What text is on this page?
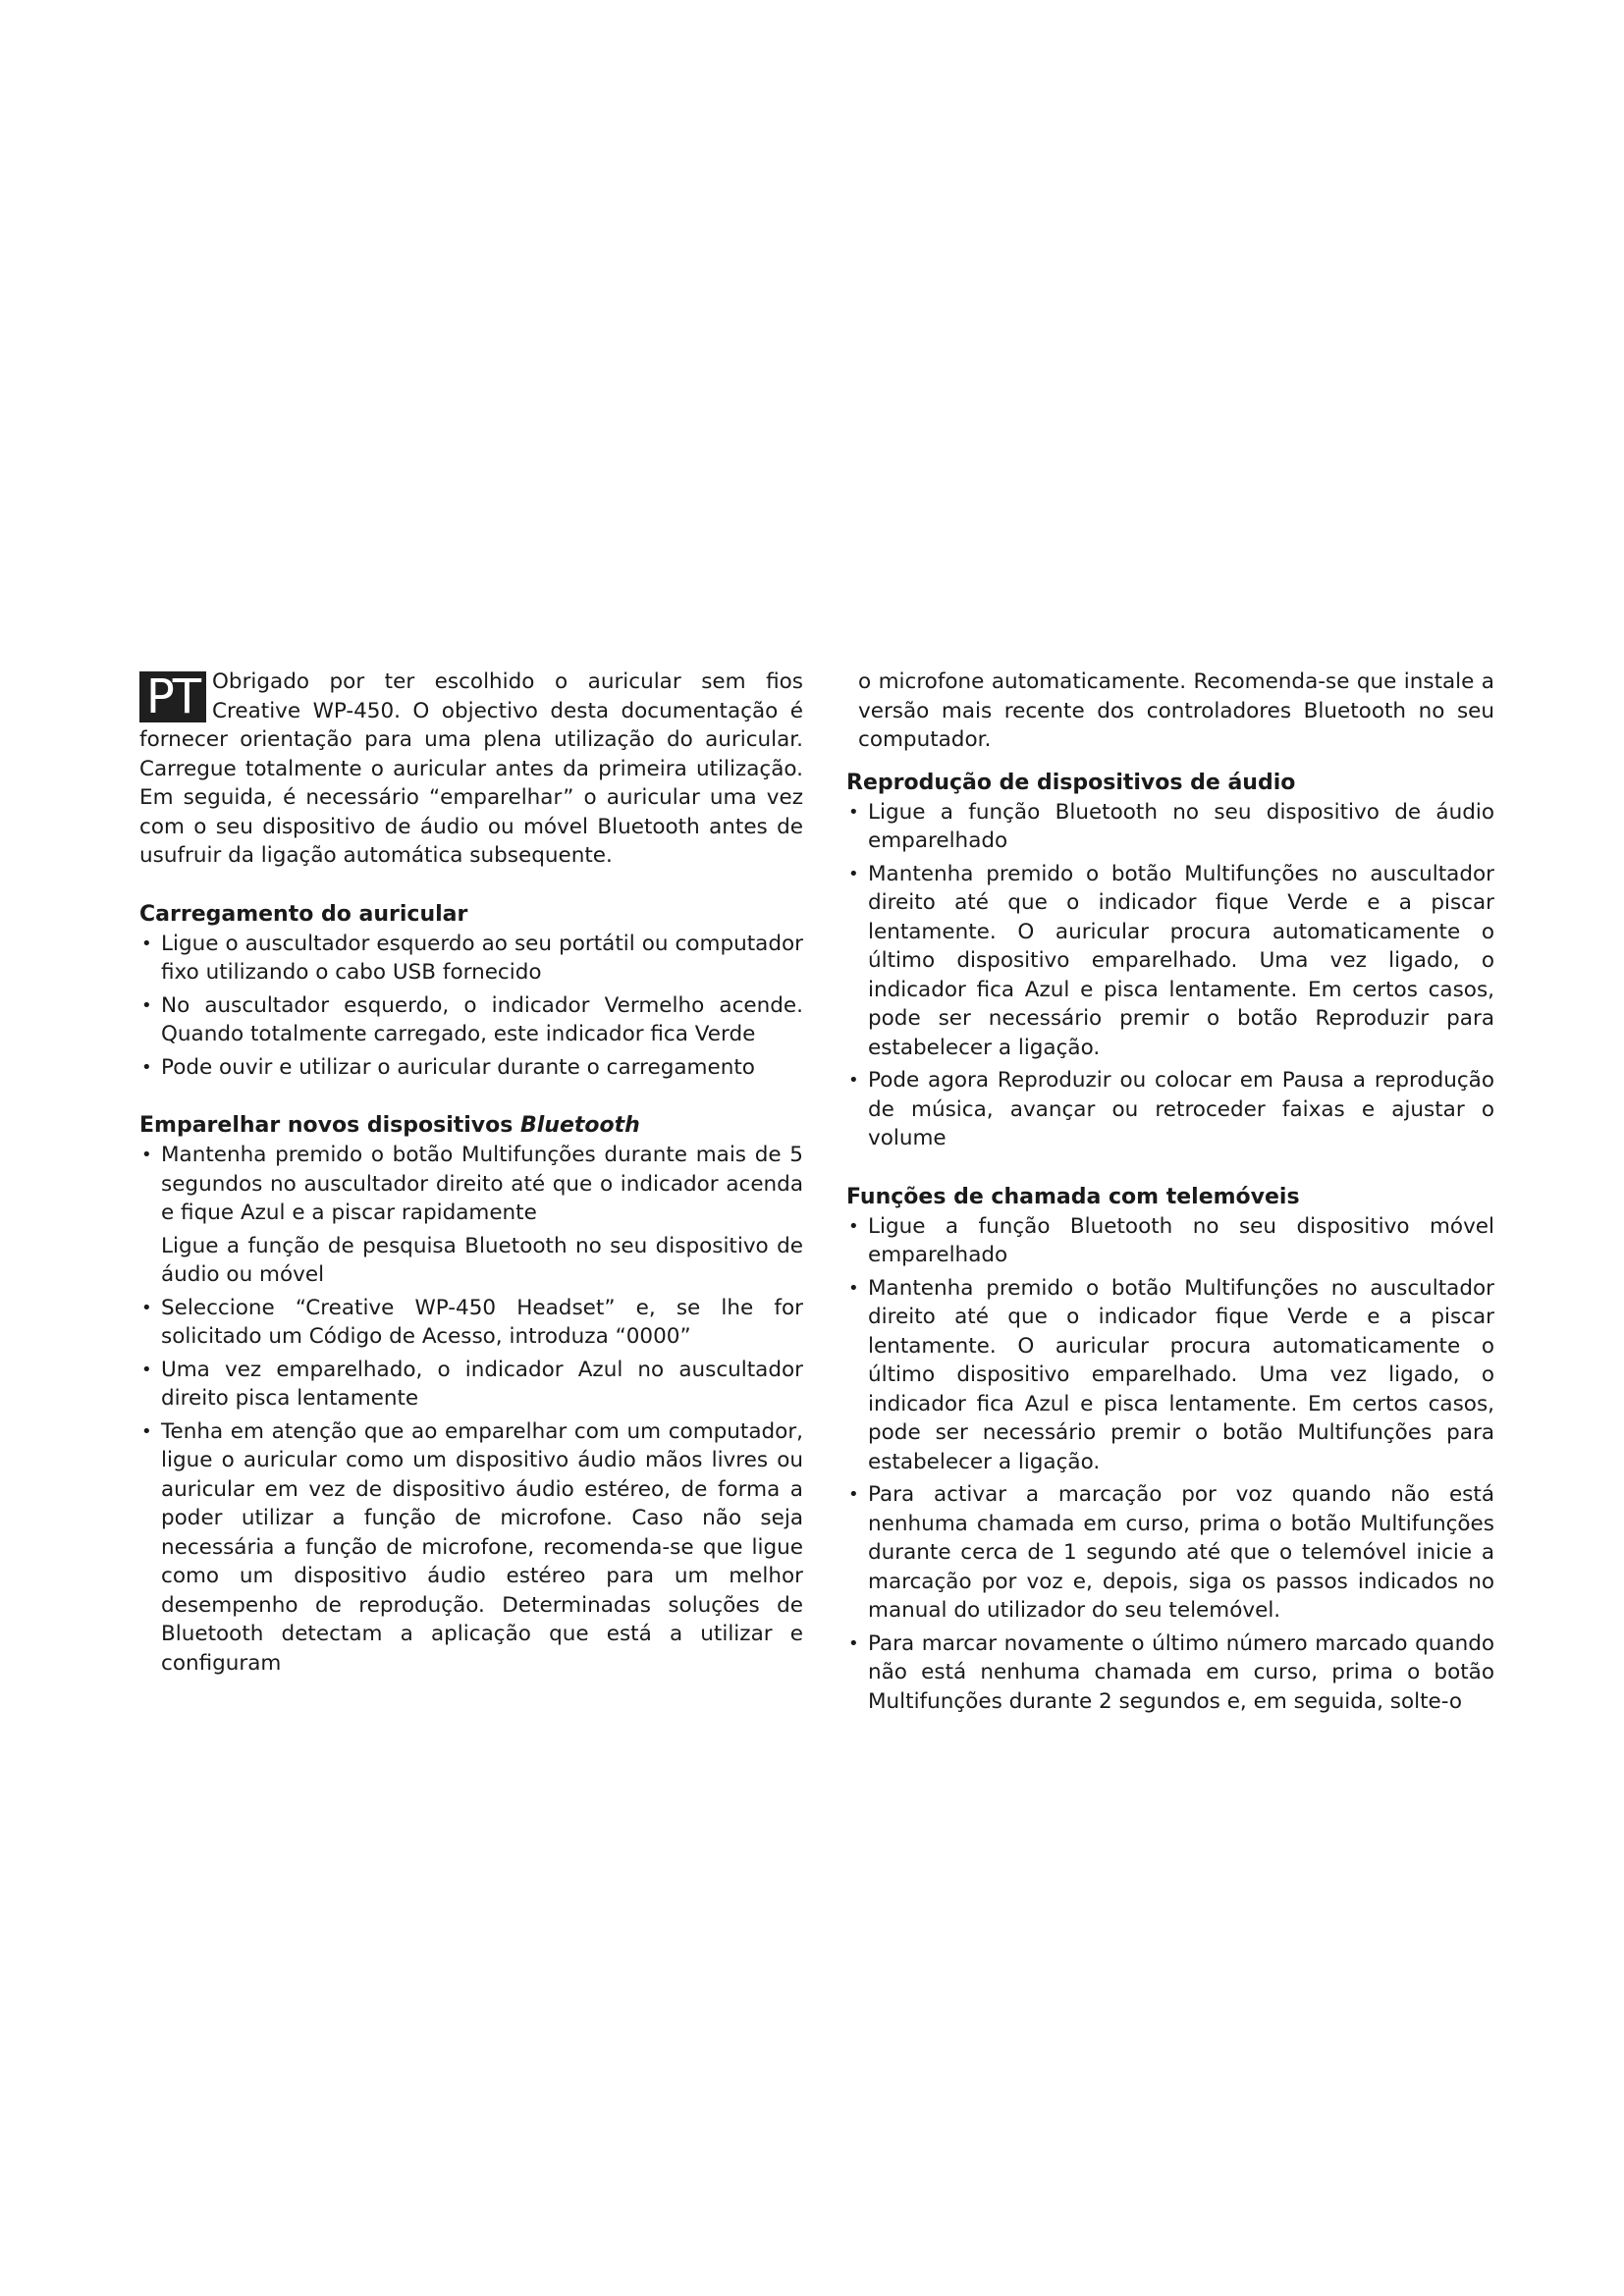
PT Obrigado por ter escolhido o auricular sem fios Creative WP-450. O objectivo desta documentação é fornecer orientação para uma plena utilização do auricular. Carregue totalmente o auricular antes da primeira utilização. Em seguida, é necessário “emparelhar” o auricular uma vez com o seu dispositivo de áudio ou móvel Bluetooth antes de usufruir da ligação automática subsequente.

Carregamento do auricular
• Ligue o auscultador esquerdo ao seu portátil ou computador fixo utilizando o cabo USB fornecido
• No auscultador esquerdo, o indicador Vermelho acende. Quando totalmente carregado, este indicador fica Verde
• Pode ouvir e utilizar o auricular durante o carregamento
Emparelhar novos dispositivos Bluetooth
• Mantenha premido o botão Multifunções durante mais de 5 segundos no auscultador direito até que o indicador acenda e fique Azul e a piscar rapidamente
Ligue a função de pesquisa Bluetooth no seu dispositivo de áudio ou móvel
• Seleccione “Creative WP-450 Headset” e, se lhe for solicitado um Código de Acesso, introduza “0000”
• Uma vez emparelhado, o indicador Azul no auscultador direito pisca lentamente
• Tenha em atenção que ao emparelhar com um computador, ligue o auricular como um dispositivo áudio mãos livres ou auricular em vez de dispositivo áudio estéreo, de forma a poder utilizar a função de microfone. Caso não seja necessária a função de microfone, recomenda-se que ligue como um dispositivo áudio estéreo para um melhor desempenho de reprodução. Determinadas soluções de Bluetooth detectam a aplicação que está a utilizar e configuram

o microfone automaticamente. Recomenda-se que instale a versão mais recente dos controladores Bluetooth no seu computador.

Reprodução de dispositivos de áudio
• Ligue a função Bluetooth no seu dispositivo de áudio emparelhado
• Mantenha premido o botão Multifunções no auscultador direito até que o indicador fique Verde e a piscar lentamente. O auricular procura automaticamente o último dispositivo emparelhado. Uma vez ligado, o indicador fica Azul e pisca lentamente. Em certos casos, pode ser necessário premir o botão Reproduzir para estabelecer a ligação.
• Pode agora Reproduzir ou colocar em Pausa a reprodução de música, avançar ou retroceder faixas e ajustar o volume
Funções de chamada com telemóveis
• Ligue a função Bluetooth no seu dispositivo móvel emparelhado
• Mantenha premido o botão Multifunções no auscultador direito até que o indicador fique Verde e a piscar lentamente. O auricular procura automaticamente o último dispositivo emparelhado. Uma vez ligado, o indicador fica Azul e pisca lentamente. Em certos casos, pode ser necessário premir o botão Multifunções para estabelecer a ligação.
• Para activar a marcação por voz quando não está nenhuma chamada em curso, prima o botão Multifunções durante cerca de 1 segundo até que o telemóvel inicie a marcação por voz e, depois, siga os passos indicados no manual do utilizador do seu telemóvel.
• Para marcar novamente o último número marcado quando não está nenhuma chamada em curso, prima o botão Multifunções durante 2 segundos e, em seguida, solte-o
